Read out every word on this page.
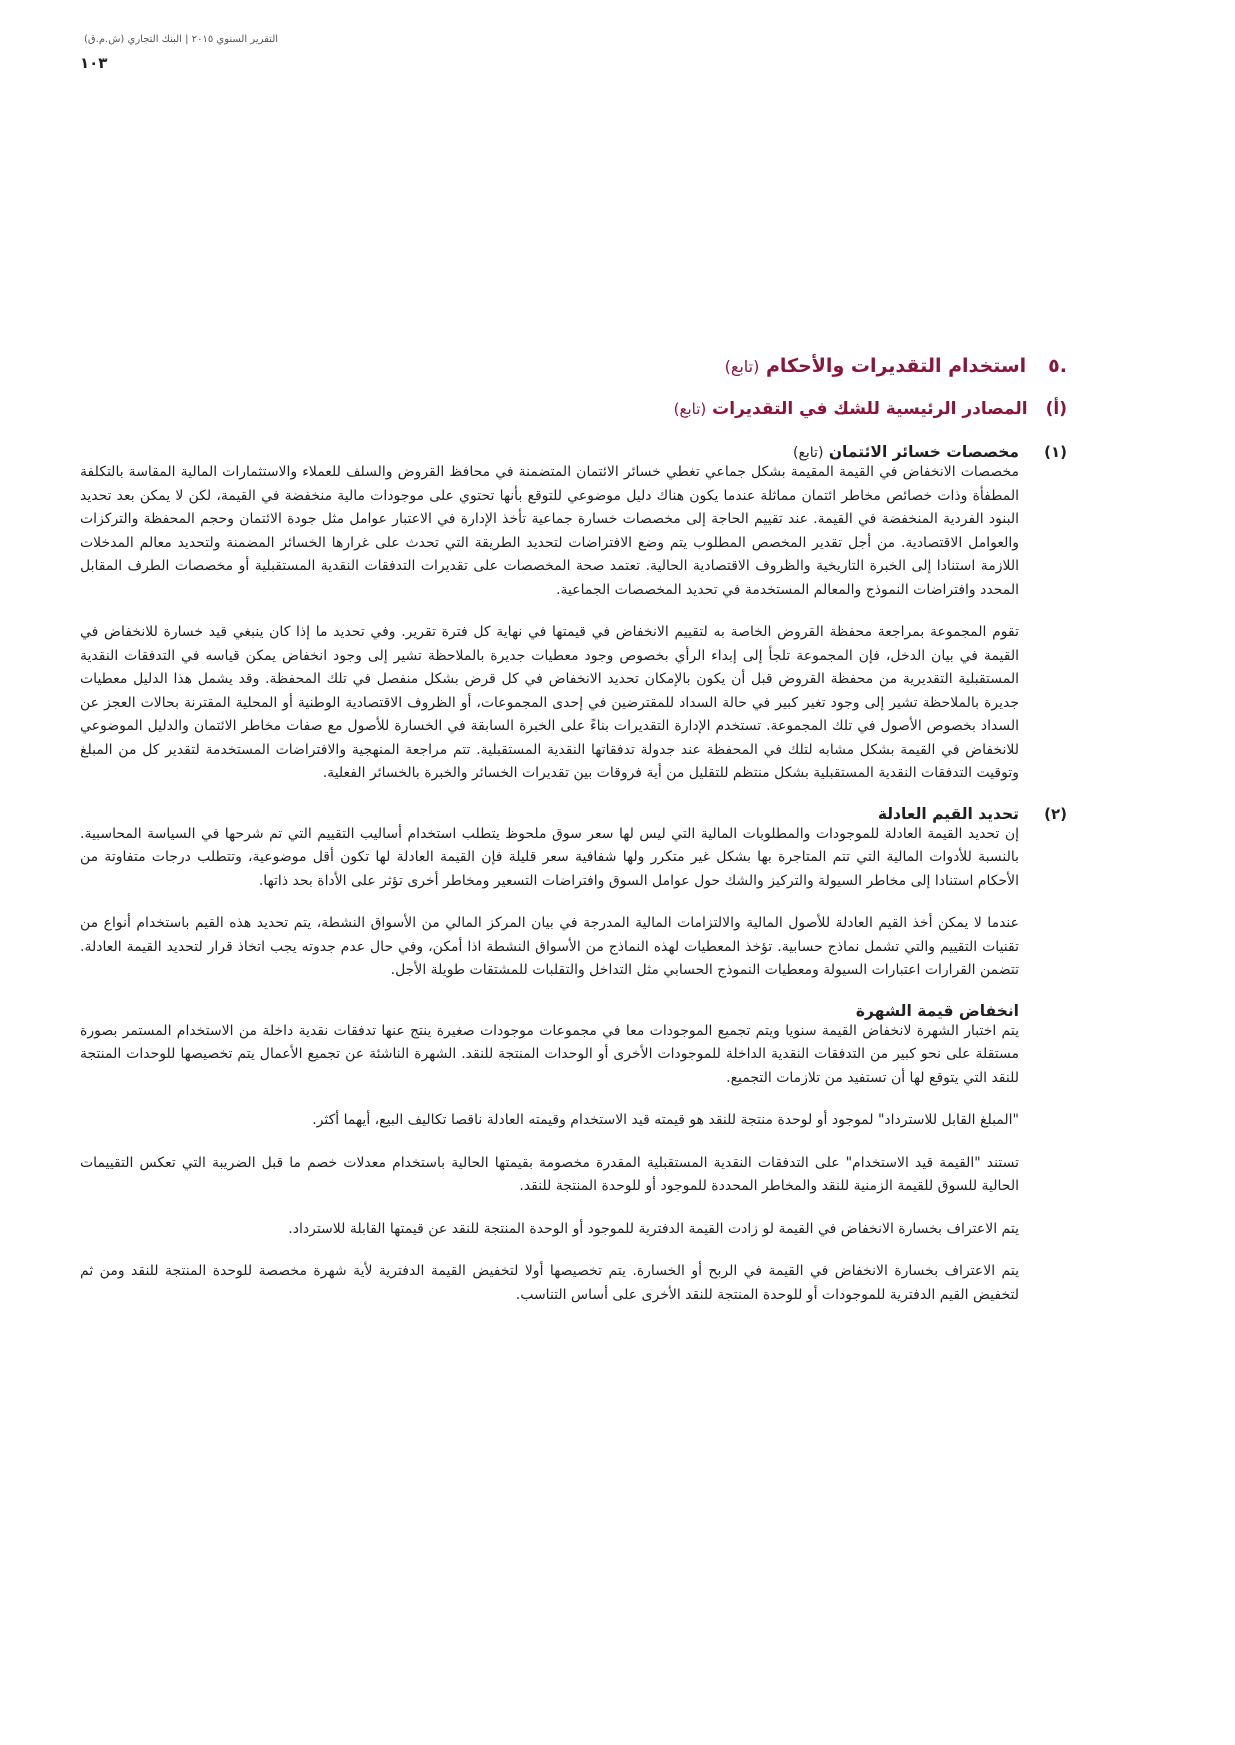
التقرير السنوي ٢٠١٥ | البنك التجاري (ش.م.ق)
١٠٣
.٥
استخدام التقديرات والأحكام (تابع)
(أ)
المصادر الرئيسية للشك في التقديرات (تابع)
(١)
مخصصات خسائر الائتمان (تابع)

مخصصات الانخفاض في القيمة المقيمة بشكل جماعي تغطي خسائر الائتمان المتضمنة في محافظ القروض والسلف للعملاء والاستثمارات المالية المقاسة بالتكلفة المطفأة وذات خصائص مخاطر ائتمان مماثلة عندما يكون هناك دليل موضوعي للتوقع بأنها تحتوي على موجودات مالية منخفضة في القيمة، لكن لا يمكن بعد تحديد البنود الفردية المنخفضة في القيمة. عند تقييم الحاجة إلى مخصصات خسارة جماعية تأخذ الإدارة في الاعتبار عوامل مثل جودة الائتمان وحجم المحفظة والتركزات والعوامل الاقتصادية. من أجل تقدير المخصص المطلوب يتم وضع الافتراضات لتحديد الطريقة التي تحدث على غرارها الخسائر المضمنة ولتحديد معالم المدخلات اللازمة استنادا إلى الخبرة التاريخية والظروف الاقتصادية الحالية. تعتمد صحة المخصصات على تقديرات التدفقات النقدية المستقبلية أو مخصصات الطرف المقابل المحدد وافتراضات النموذج والمعالم المستخدمة في تحديد المخصصات الجماعية.

تقوم المجموعة بمراجعة محفظة القروض الخاصة به لتقييم الانخفاض في قيمتها في نهاية كل فترة تقرير. وفي تحديد ما إذا كان ينبغي قيد خسارة للانخفاض في القيمة في بيان الدخل، فإن المجموعة تلجأ إلى إبداء الرأي بخصوص وجود معطيات جديرة بالملاحظة تشير إلى وجود انخفاض يمكن قياسه في التدفقات النقدية المستقبلية التقديرية من محفظة القروض قبل أن يكون بالإمكان تحديد الانخفاض في كل قرض بشكل منفصل في تلك المحفظة. وقد يشمل هذا الدليل معطيات جديرة بالملاحظة تشير إلى وجود تغير كبير في حالة السداد للمقترضين في إحدى المجموعات، أو الظروف الاقتصادية الوطنية أو المحلية المقترنة بحالات العجز عن السداد بخصوص الأصول في تلك المجموعة. تستخدم الإدارة التقديرات بناءً على الخبرة السابقة في الخسارة للأصول مع صفات مخاطر الائتمان والدليل الموضوعي للانخفاض في القيمة بشكل مشابه لتلك في المحفظة عند جدولة تدفقاتها النقدية المستقبلية. تتم مراجعة المنهجية والافتراضات المستخدمة لتقدير كل من المبلغ وتوقيت التدفقات النقدية المستقبلية بشكل منتظم للتقليل من أية فروقات بين تقديرات الخسائر والخبرة بالخسائر الفعلية.

(٢)
تحديد القيم العادلة

إن تحديد القيمة العادلة للموجودات والمطلوبات المالية التي ليس لها سعر سوق ملحوظ يتطلب استخدام أساليب التقييم التي تم شرحها في السياسة المحاسبية. بالنسبة للأدوات المالية التي تتم المتاجرة بها بشكل غير متكرر ولها شفافية سعر قليلة فإن القيمة العادلة لها تكون أقل موضوعية، وتتطلب درجات متفاوتة من الأحكام استنادا إلى مخاطر السيولة والتركيز والشك حول عوامل السوق وافتراضات التسعير ومخاطر أخرى تؤثر على الأداة بحد ذاتها.

عندما لا يمكن أخذ القيم العادلة للأصول المالية والالتزامات المالية المدرجة في بيان المركز المالي من الأسواق النشطة، يتم تحديد هذه القيم باستخدام أنواع من تقنيات التقييم والتي تشمل نماذج حسابية. تؤخذ المعطيات لهذه النماذج من الأسواق النشطة اذا أمكن، وفي حال عدم جدوته يجب اتخاذ قرار لتحديد القيمة العادلة. تتضمن القرارات اعتبارات السيولة ومعطيات النموذج الحسابي مثل التداخل والتقلبات للمشتقات طويلة الأجل.

انخفاض قيمة الشهرة

يتم اختبار الشهرة لانخفاض القيمة سنويا ويتم تجميع الموجودات معا في مجموعات موجودات صغيرة ينتج عنها تدفقات نقدية داخلة من الاستخدام المستمر بصورة مستقلة على نحو كبير من التدفقات النقدية الداخلة للموجودات الأخرى أو الوحدات المنتجة للنقد. الشهرة الناشئة عن تجميع الأعمال يتم تخصيصها للوحدات المنتجة للنقد التي يتوقع لها أن تستفيد من تلازمات التجميع.

"المبلغ القابل للاسترداد" لموجود أو لوحدة منتجة للنقد هو قيمته قيد الاستخدام وقيمته العادلة ناقصا تكاليف البيع، أيهما أكثر.

تستند "القيمة قيد الاستخدام" على التدفقات النقدية المستقبلية المقدرة مخصومة بقيمتها الحالية باستخدام معدلات خصم ما قبل الضريبة التي تعكس التقييمات الحالية للسوق للقيمة الزمنية للنقد والمخاطر المحددة للموجود أو للوحدة المنتجة للنقد.

يتم الاعتراف بخسارة الانخفاض في القيمة لو زادت القيمة الدفترية للموجود أو الوحدة المنتجة للنقد عن قيمتها القابلة للاسترداد.

يتم الاعتراف بخسارة الانخفاض في القيمة في الربح أو الخسارة. يتم تخصيصها أولا لتخفيض القيمة الدفترية لأية شهرة مخصصة للوحدة المنتجة للنقد ومن ثم لتخفيض القيم الدفترية للموجودات أو للوحدة المنتجة للنقد الأخرى على أساس التناسب.
